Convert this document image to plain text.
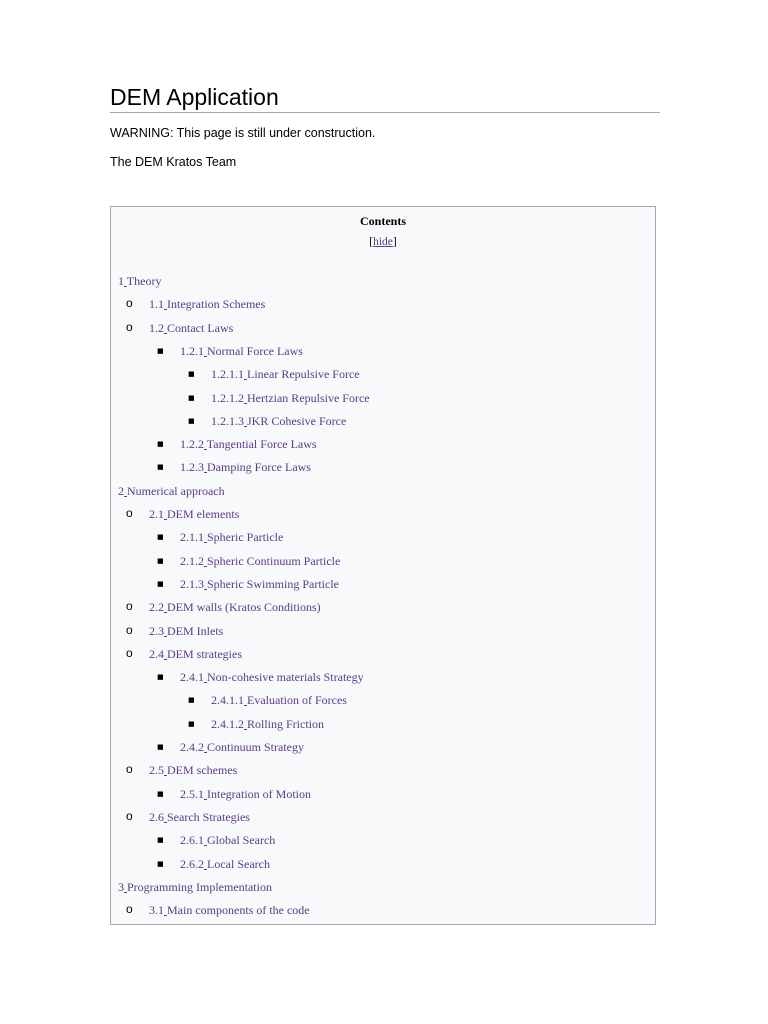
DEM Application
WARNING: This page is still under construction.
The DEM Kratos Team
Contents
[hide]
1 Theory
o 1.1 Integration Schemes
o 1.2 Contact Laws
■ 1.2.1 Normal Force Laws
■ 1.2.1.1 Linear Repulsive Force
■ 1.2.1.2 Hertzian Repulsive Force
■ 1.2.1.3 JKR Cohesive Force
■ 1.2.2 Tangential Force Laws
■ 1.2.3 Damping Force Laws
2 Numerical approach
o 2.1 DEM elements
■ 2.1.1 Spheric Particle
■ 2.1.2 Spheric Continuum Particle
■ 2.1.3 Spheric Swimming Particle
o 2.2 DEM walls (Kratos Conditions)
o 2.3 DEM Inlets
o 2.4 DEM strategies
■ 2.4.1 Non-cohesive materials Strategy
■ 2.4.1.1 Evaluation of Forces
■ 2.4.1.2 Rolling Friction
■ 2.4.2 Continuum Strategy
o 2.5 DEM schemes
■ 2.5.1 Integration of Motion
o 2.6 Search Strategies
■ 2.6.1 Global Search
■ 2.6.2 Local Search
3 Programming Implementation
o 3.1 Main components of the code
